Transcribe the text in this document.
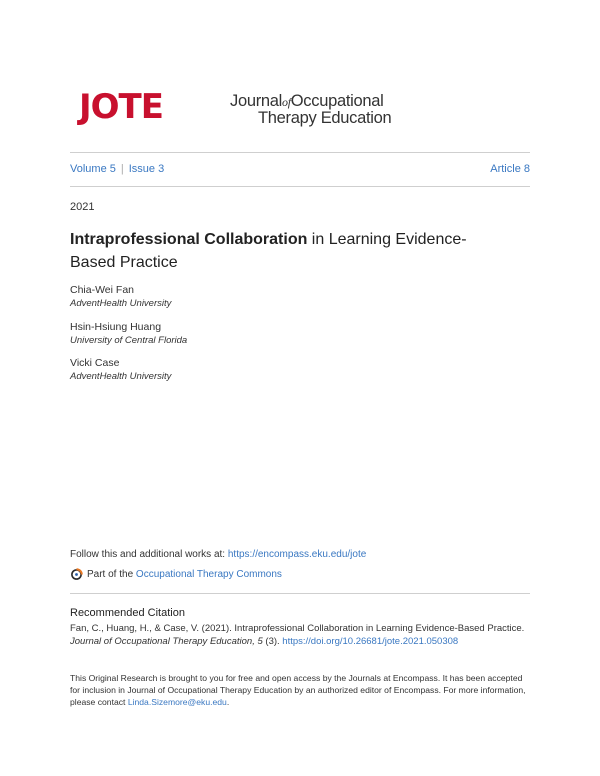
JOTE	JournalofOccupational
Therapy Education
Volume 5 | Issue 3	Article 8
2021
Intraprofessional Collaboration in Learning Evidence-Based Practice
Chia-Wei Fan
AdventHealth University
Hsin-Hsiung Huang
University of Central Florida
Vicki Case
AdventHealth University
Follow this and additional works at: https://encompass.eku.edu/jote
Part of the
Occupational Therapy Commons
Recommended Citation
Fan, C., Huang, H., & Case, V. (2021). Intraprofessional Collaboration in Learning Evidence-Based Practice. Journal of Occupational Therapy Education, 5 (3). https://doi.org/10.26681/jote.2021.050308
This Original Research is brought to you for free and open access by the Journals at Encompass. It has been accepted for inclusion in Journal of Occupational Therapy Education by an authorized editor of Encompass. For more information, please contact Linda.Sizemore@eku.edu.
